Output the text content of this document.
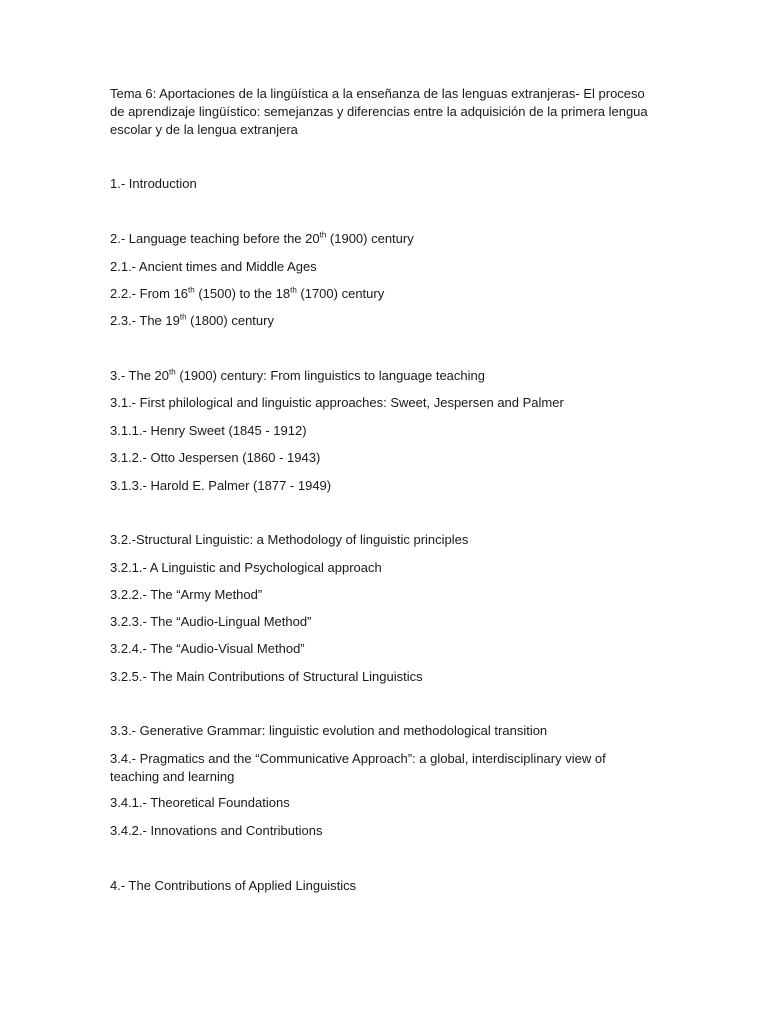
Tema 6: Aportaciones de la lingüística a la enseñanza de las lenguas extranjeras- El proceso de aprendizaje lingüístico: semejanzas y diferencias entre la adquisición de la primera lengua escolar y de la lengua extranjera

1.- Introduction

2.- Language teaching before the 20th (1900) century

2.1.- Ancient times and Middle Ages

2.2.- From 16th (1500) to the 18th (1700) century

2.3.- The 19th (1800) century

3.- The 20th (1900) century: From linguistics to language teaching

3.1.- First philological and linguistic approaches: Sweet, Jespersen and Palmer

3.1.1.- Henry Sweet (1845 - 1912)

3.1.2.- Otto Jespersen (1860 - 1943)

3.1.3.- Harold E. Palmer (1877 - 1949)

3.2.-Structural Linguistic: a Methodology of linguistic principles

3.2.1.- A Linguistic and Psychological approach

3.2.2.- The “Army Method”

3.2.3.- The “Audio-Lingual Method”

3.2.4.- The “Audio-Visual Method”

3.2.5.- The Main Contributions of Structural Linguistics

3.3.- Generative Grammar: linguistic evolution and methodological transition

3.4.- Pragmatics and the “Communicative Approach”: a global, interdisciplinary view of teaching and learning

3.4.1.- Theoretical Foundations

3.4.2.- Innovations and Contributions

4.- The Contributions of Applied Linguistics
